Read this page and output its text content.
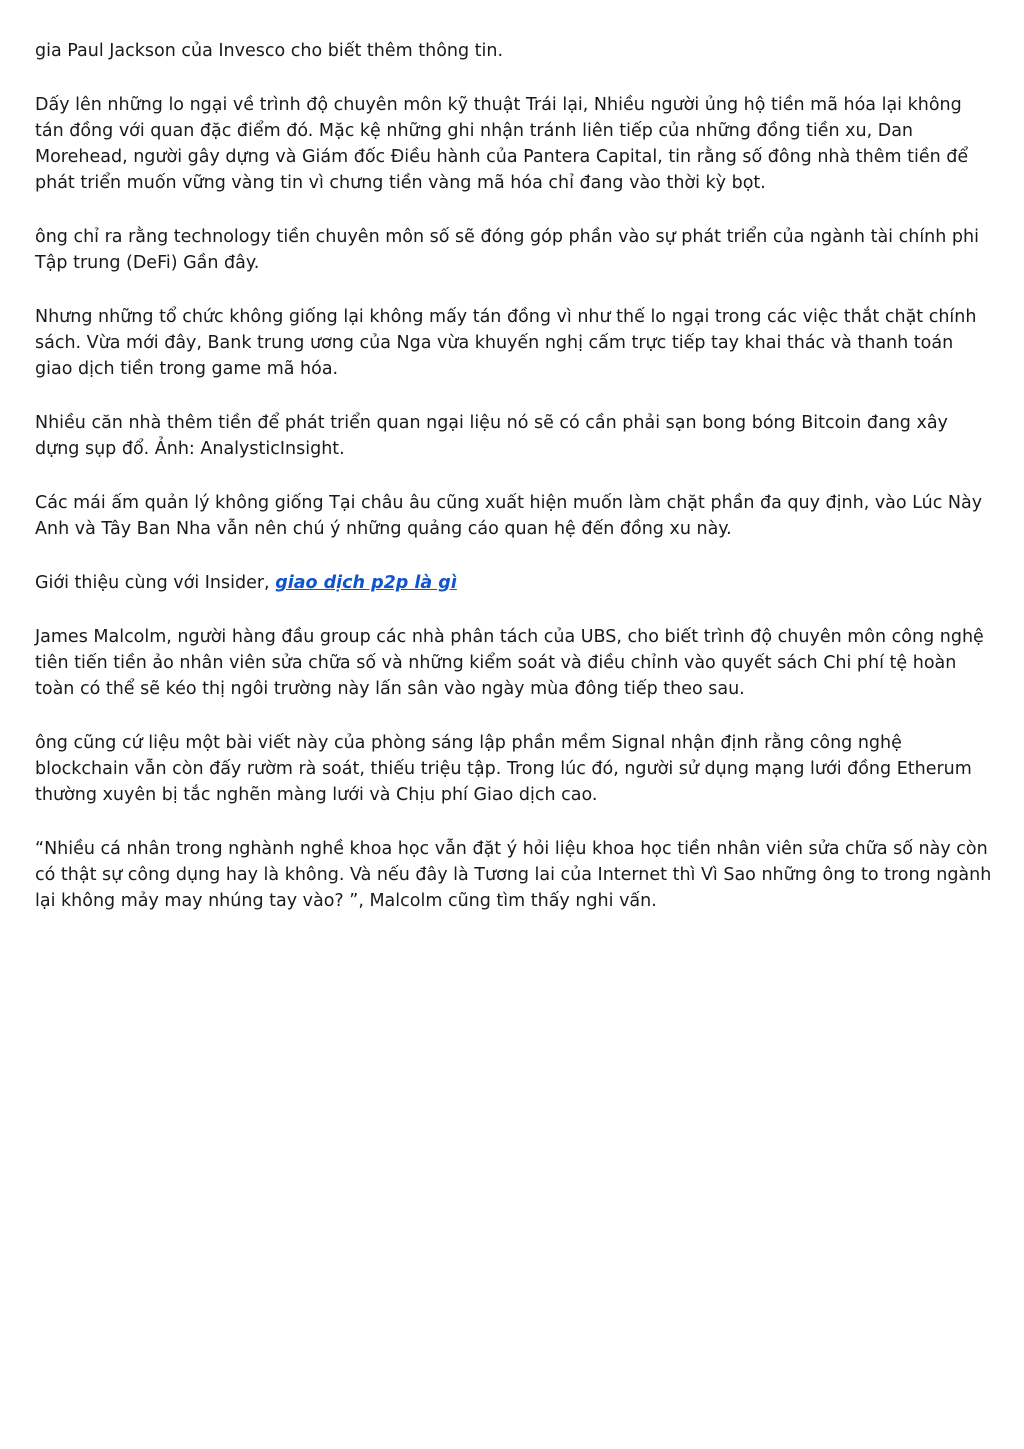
gia Paul Jackson của Invesco cho biết thêm thông tin.

Dấy lên những lo ngại về trình độ chuyên môn kỹ thuật Trái lại, Nhiều người ủng hộ tiền mã hóa lại không tán đồng với quan đặc điểm đó. Mặc kệ những ghi nhận tránh liên tiếp của những đồng tiền xu, Dan Morehead, người gây dựng và Giám đốc Điều hành của Pantera Capital, tin rằng số đông nhà thêm tiền để phát triển muốn vững vàng tin vì chưng tiền vàng mã hóa chỉ đang vào thời kỳ bọt.

ông chỉ ra rằng technology tiền chuyên môn số sẽ đóng góp phần vào sự phát triển của ngành tài chính phi Tập trung (DeFi) Gần đây.

Nhưng những tổ chức không giống lại không mấy tán đồng vì như thế lo ngại trong các việc thắt chặt chính sách. Vừa mới đây, Bank trung ương của Nga vừa khuyến nghị cấm trực tiếp tay khai thác và thanh toán giao dịch tiền trong game mã hóa.

Nhiều căn nhà thêm tiền để phát triển quan ngại liệu nó sẽ có cần phải sạn bong bóng Bitcoin đang xây dựng sụp đổ. Ảnh: AnalysticInsight.

Các mái ấm quản lý không giống Tại châu âu cũng xuất hiện muốn làm chặt phần đa quy định, vào Lúc Này Anh và Tây Ban Nha vẫn nên chú ý những quảng cáo quan hệ đến đồng xu này.

Giới thiệu cùng với Insider, giao dịch p2p là gì

James Malcolm, người hàng đầu group các nhà phân tách của UBS, cho biết trình độ chuyên môn công nghệ tiên tiến tiền ảo nhân viên sửa chữa số và những kiểm soát và điều chỉnh vào quyết sách Chi phí tệ hoàn toàn có thể sẽ kéo thị ngôi trường này lấn sân vào ngày mùa đông tiếp theo sau.

ông cũng cứ liệu một bài viết này của phòng sáng lập phần mềm Signal nhận định rằng công nghệ blockchain vẫn còn đấy rườm rà soát, thiếu triệu tập. Trong lúc đó, người sử dụng mạng lưới đồng Etherum thường xuyên bị tắc nghẽn màng lưới và Chịu phí Giao dịch cao.

“Nhiều cá nhân trong nghành nghề khoa học vẫn đặt ý hỏi liệu khoa học tiền nhân viên sửa chữa số này còn có thật sự công dụng hay là không. Và nếu đây là Tương lai của Internet thì Vì Sao những ông to trong ngành lại không mảy may nhúng tay vào? ”, Malcolm cũng tìm thấy nghi vấn.
